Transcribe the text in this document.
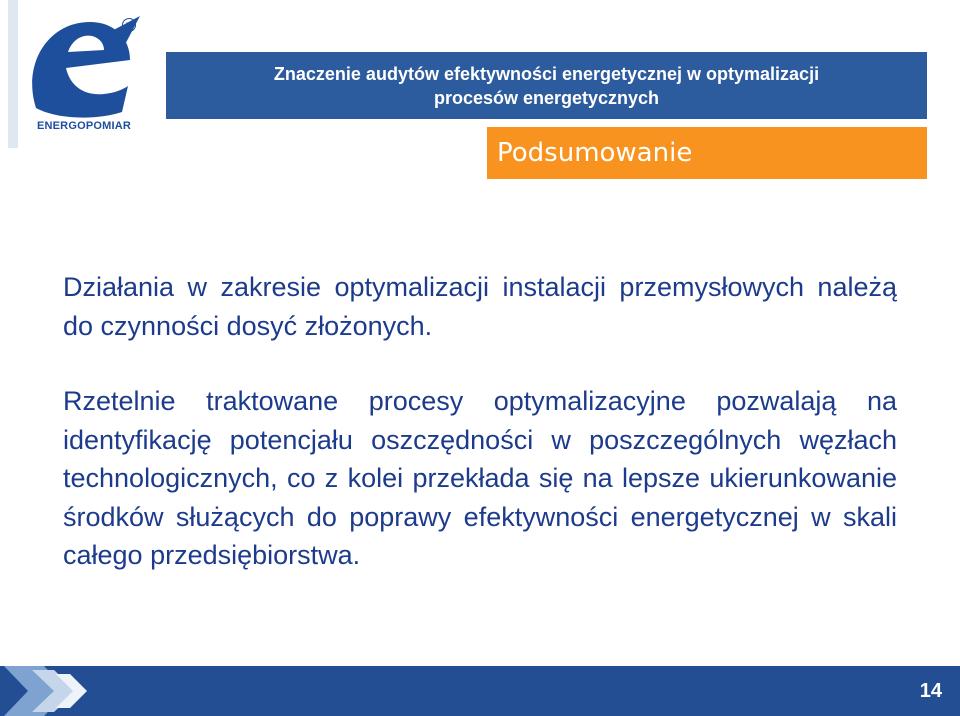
R
ENERGOPOMIAR
Znaczenie audytów efektywności energetycznej w optymalizacji
procesów energetycznych
Podsumowanie

Działania w zakresie optymalizacji instalacji przemysłowych należą do czynności dosyć złożonych.

Rzetelnie traktowane procesy optymalizacyjne pozwalają na identyfikację potencjału oszczędności w poszczególnych węzłach technologicznych, co z kolei przekłada się na lepsze ukierunkowanie środków służących do poprawy efektywności energetycznej w skali całego przedsiębiorstwa.

14
